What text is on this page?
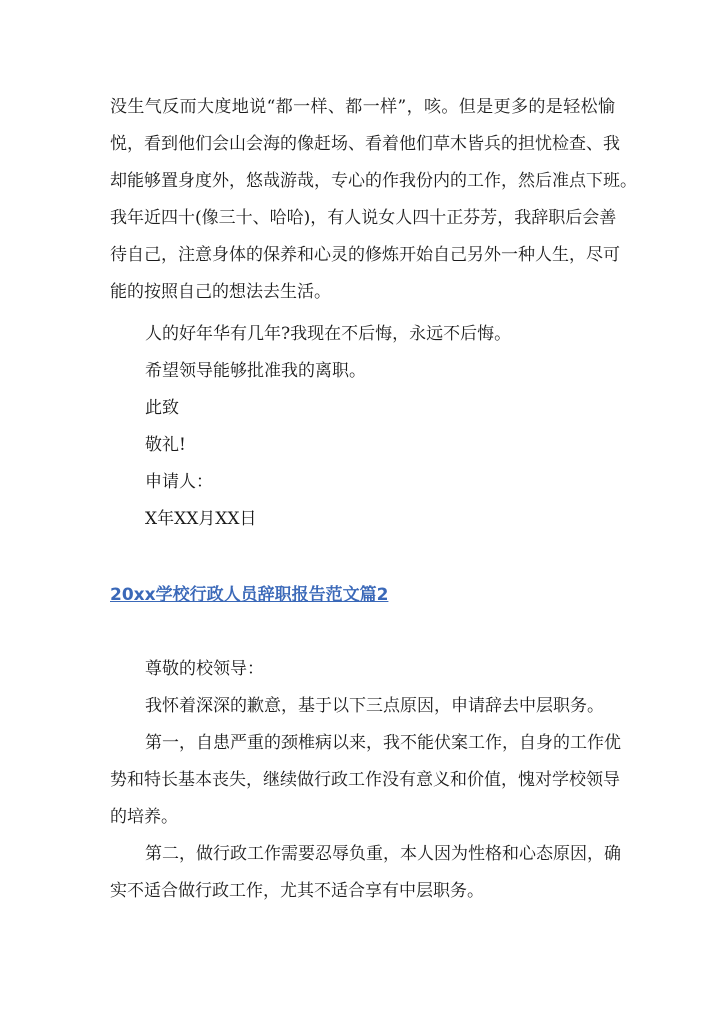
没生气反而大度地说“都一样、都一样”，咳。但是更多的是轻松愉
悦，看到他们会山会海的像赶场、看着他们草木皆兵的担忧检查、我
却能够置身度外，悠哉游哉，专心的作我份内的工作，然后准点下班。
我年近四十(像三十、哈哈)，有人说女人四十正芬芳，我辞职后会善
待自己，注意身体的保养和心灵的修炼开始自己另外一种人生，尽可
能的按照自己的想法去生活。
人的好年华有几年?我现在不后悔，永远不后悔。
希望领导能够批准我的离职。
此致
敬礼!
申请人：
X年XX月XX日
20xx学校行政人员辞职报告范文篇2
尊敬的校领导：
我怀着深深的歉意，基于以下三点原因，申请辞去中层职务。
第一，自患严重的颈椎病以来，我不能伏案工作，自身的工作优
势和特长基本丧失，继续做行政工作没有意义和价值，愧对学校领导
的培养。
第二，做行政工作需要忍辱负重，本人因为性格和心态原因，确
实不适合做行政工作，尤其不适合享有中层职务。
